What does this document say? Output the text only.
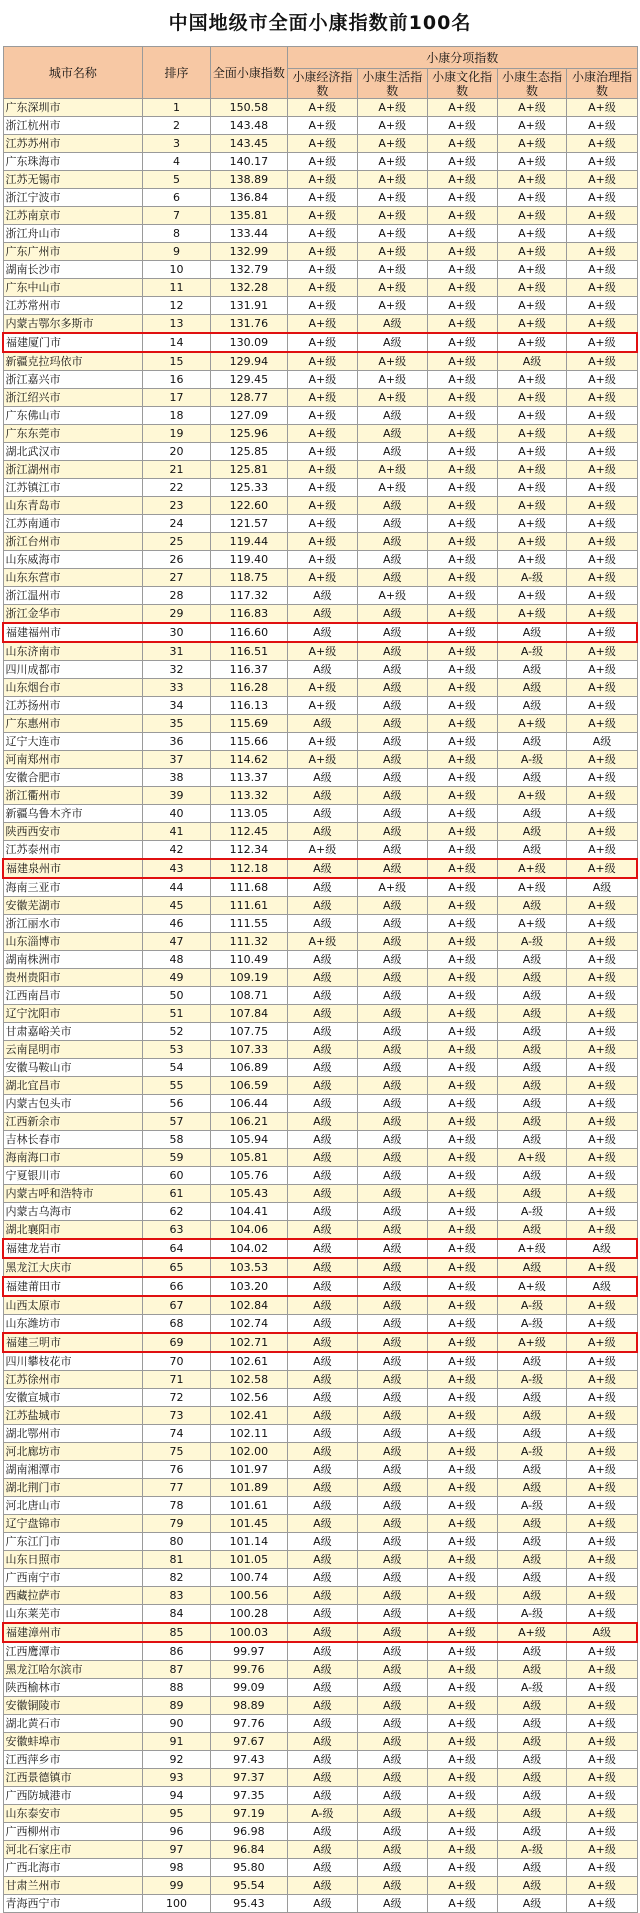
中国地级市全面小康指数前100名
城市名称	排序	全面小康指数	小康分项指数				
			小康经济指数	小康生活指数	小康文化指数	小康生态指数	小康治理指数
广东深圳市	1	150.58	A+级	A+级	A+级	A+级	A+级
浙江杭州市	2	143.48	A+级	A+级	A+级	A+级	A+级
江苏苏州市	3	143.45	A+级	A+级	A+级	A+级	A+级
广东珠海市	4	140.17	A+级	A+级	A+级	A+级	A+级
江苏无锡市	5	138.89	A+级	A+级	A+级	A+级	A+级
浙江宁波市	6	136.84	A+级	A+级	A+级	A+级	A+级
江苏南京市	7	135.81	A+级	A+级	A+级	A+级	A+级
浙江舟山市	8	133.44	A+级	A+级	A+级	A+级	A+级
广东广州市	9	132.99	A+级	A+级	A+级	A+级	A+级
湖南长沙市	10	132.79	A+级	A+级	A+级	A+级	A+级
广东中山市	11	132.28	A+级	A+级	A+级	A+级	A+级
江苏常州市	12	131.91	A+级	A+级	A+级	A+级	A+级
内蒙古鄂尔多斯市	13	131.76	A+级	A级	A+级	A+级	A+级
福建厦门市	14	130.09	A+级	A级	A+级	A+级	A+级
新疆克拉玛依市	15	129.94	A+级	A+级	A+级	A级	A+级
浙江嘉兴市	16	129.45	A+级	A+级	A+级	A+级	A+级
浙江绍兴市	17	128.77	A+级	A+级	A+级	A+级	A+级
广东佛山市	18	127.09	A+级	A级	A+级	A+级	A+级
广东东莞市	19	125.96	A+级	A级	A+级	A+级	A+级
湖北武汉市	20	125.85	A+级	A级	A+级	A+级	A+级
浙江湖州市	21	125.81	A+级	A+级	A+级	A+级	A+级
江苏镇江市	22	125.33	A+级	A+级	A+级	A+级	A+级
山东青岛市	23	122.60	A+级	A级	A+级	A+级	A+级
江苏南通市	24	121.57	A+级	A级	A+级	A+级	A+级
浙江台州市	25	119.44	A+级	A级	A+级	A+级	A+级
山东威海市	26	119.40	A+级	A级	A+级	A+级	A+级
山东东营市	27	118.75	A+级	A级	A+级	A-级	A+级
浙江温州市	28	117.32	A级	A+级	A+级	A+级	A+级
浙江金华市	29	116.83	A级	A级	A+级	A+级	A+级
福建福州市	30	116.60	A级	A级	A+级	A级	A+级
山东济南市	31	116.51	A+级	A级	A+级	A-级	A+级
四川成都市	32	116.37	A级	A级	A+级	A级	A+级
山东烟台市	33	116.28	A+级	A级	A+级	A级	A+级
江苏扬州市	34	116.13	A+级	A级	A+级	A级	A+级
广东惠州市	35	115.69	A级	A级	A+级	A+级	A+级
辽宁大连市	36	115.66	A+级	A级	A+级	A级	A级
河南郑州市	37	114.62	A+级	A级	A+级	A-级	A+级
安徽合肥市	38	113.37	A级	A级	A+级	A级	A+级
浙江衢州市	39	113.32	A级	A级	A+级	A+级	A+级
新疆乌鲁木齐市	40	113.05	A级	A级	A+级	A级	A+级
陕西西安市	41	112.45	A级	A级	A+级	A级	A+级
江苏泰州市	42	112.34	A+级	A级	A+级	A级	A+级
福建泉州市	43	112.18	A级	A级	A+级	A+级	A+级
海南三亚市	44	111.68	A级	A+级	A+级	A+级	A级
安徽芜湖市	45	111.61	A级	A级	A+级	A级	A+级
浙江丽水市	46	111.55	A级	A级	A+级	A+级	A+级
山东淄博市	47	111.32	A+级	A级	A+级	A-级	A+级
湖南株洲市	48	110.49	A级	A级	A+级	A级	A+级
贵州贵阳市	49	109.19	A级	A级	A+级	A级	A+级
江西南昌市	50	108.71	A级	A级	A+级	A级	A+级
辽宁沈阳市	51	107.84	A级	A级	A+级	A级	A+级
甘肃嘉峪关市	52	107.75	A级	A级	A+级	A级	A+级
云南昆明市	53	107.33	A级	A级	A+级	A级	A+级
安徽马鞍山市	54	106.89	A级	A级	A+级	A级	A+级
湖北宜昌市	55	106.59	A级	A级	A+级	A级	A+级
内蒙古包头市	56	106.44	A级	A级	A+级	A级	A+级
江西新余市	57	106.21	A级	A级	A+级	A级	A+级
吉林长春市	58	105.94	A级	A级	A+级	A级	A+级
海南海口市	59	105.81	A级	A级	A+级	A+级	A+级
宁夏银川市	60	105.76	A级	A级	A+级	A级	A+级
内蒙古呼和浩特市	61	105.43	A级	A级	A+级	A级	A+级
内蒙古乌海市	62	104.41	A级	A级	A+级	A-级	A+级
湖北襄阳市	63	104.06	A级	A级	A+级	A级	A+级
福建龙岩市	64	104.02	A级	A级	A+级	A+级	A级
黑龙江大庆市	65	103.53	A级	A级	A+级	A级	A+级
福建莆田市	66	103.20	A级	A级	A+级	A+级	A级
山西太原市	67	102.84	A级	A级	A+级	A-级	A+级
山东潍坊市	68	102.74	A级	A级	A+级	A-级	A+级
福建三明市	69	102.71	A级	A级	A+级	A+级	A+级
四川攀枝花市	70	102.61	A级	A级	A+级	A级	A+级
江苏徐州市	71	102.58	A级	A级	A+级	A-级	A+级
安徽宣城市	72	102.56	A级	A级	A+级	A级	A+级
江苏盐城市	73	102.41	A级	A级	A+级	A级	A+级
湖北鄂州市	74	102.11	A级	A级	A+级	A级	A+级
河北廊坊市	75	102.00	A级	A级	A+级	A-级	A+级
湖南湘潭市	76	101.97	A级	A级	A+级	A级	A+级
湖北荆门市	77	101.89	A级	A级	A+级	A级	A+级
河北唐山市	78	101.61	A级	A级	A+级	A-级	A+级
辽宁盘锦市	79	101.45	A级	A级	A+级	A级	A+级
广东江门市	80	101.14	A级	A级	A+级	A级	A+级
山东日照市	81	101.05	A级	A级	A+级	A级	A+级
广西南宁市	82	100.74	A级	A级	A+级	A级	A+级
西藏拉萨市	83	100.56	A级	A级	A+级	A级	A+级
山东莱芜市	84	100.28	A级	A级	A+级	A-级	A+级
福建漳州市	85	100.03	A级	A级	A+级	A+级	A级
江西鹰潭市	86	99.97	A级	A级	A+级	A级	A+级
黑龙江哈尔滨市	87	99.76	A级	A级	A+级	A级	A+级
陕西榆林市	88	99.09	A级	A级	A+级	A-级	A+级
安徽铜陵市	89	98.89	A级	A级	A+级	A级	A+级
湖北黄石市	90	97.76	A级	A级	A+级	A级	A+级
安徽蚌埠市	91	97.67	A级	A级	A+级	A级	A+级
江西萍乡市	92	97.43	A级	A级	A+级	A级	A+级
江西景德镇市	93	97.37	A级	A级	A+级	A级	A+级
广西防城港市	94	97.35	A级	A级	A+级	A级	A+级
山东泰安市	95	97.19	A-级	A级	A+级	A级	A+级
广西柳州市	96	96.98	A级	A级	A+级	A级	A+级
河北石家庄市	97	96.84	A级	A级	A+级	A-级	A+级
广西北海市	98	95.80	A级	A级	A+级	A级	A+级
甘肃兰州市	99	95.54	A级	A级	A+级	A级	A+级
青海西宁市	100	95.43	A级	A级	A+级	A级	A+级
